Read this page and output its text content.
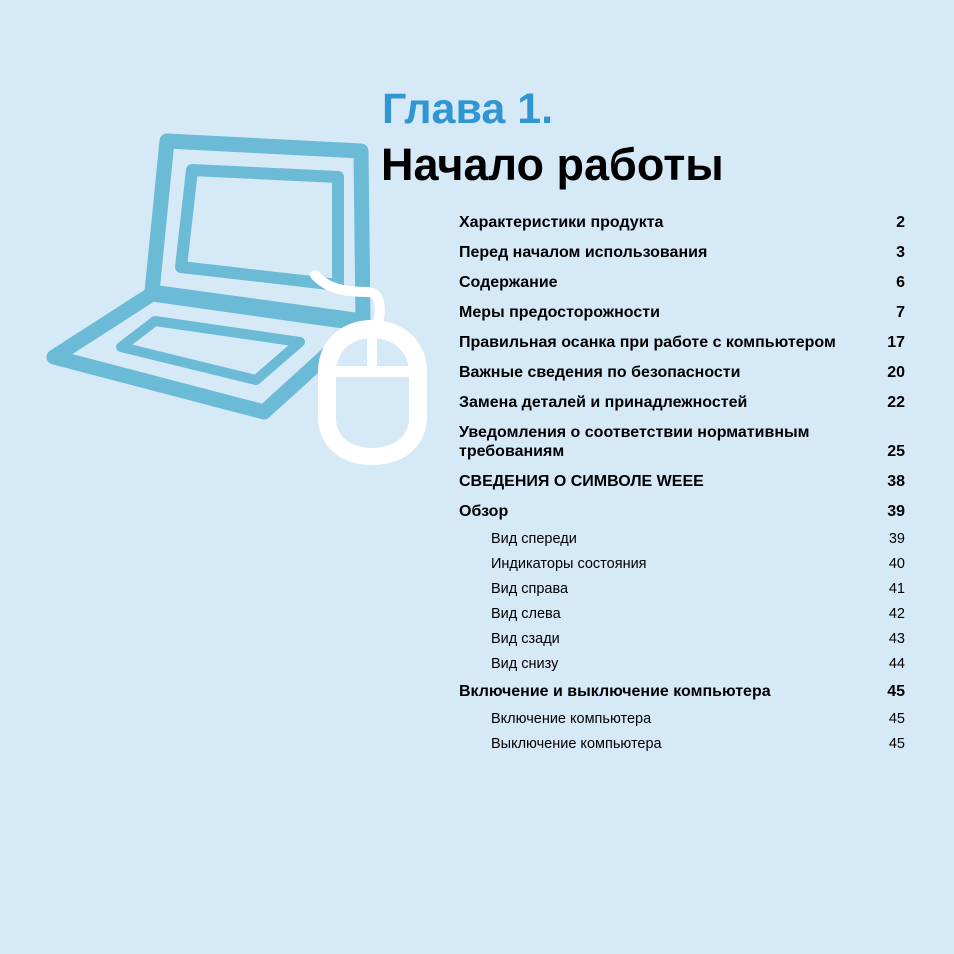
Глава 1.
Начало работы
Характеристики продукта	2
Перед началом использования	3
Содержание	6
Меры предосторожности	7
Правильная осанка при работе с компьютером	17
Важные сведения по безопасности	20
Замена деталей и принадлежностей	22
Уведомления о соответствии нормативным требованиям	25
СВЕДЕНИЯ О СИМВОЛЕ WEEE	38
Обзор	39
Вид спереди	39
Индикаторы состояния	40
Вид справа	41
Вид слева	42
Вид сзади	43
Вид снизу	44
Включение и выключение компьютера	45
Включение компьютера	45
Выключение компьютера	45
